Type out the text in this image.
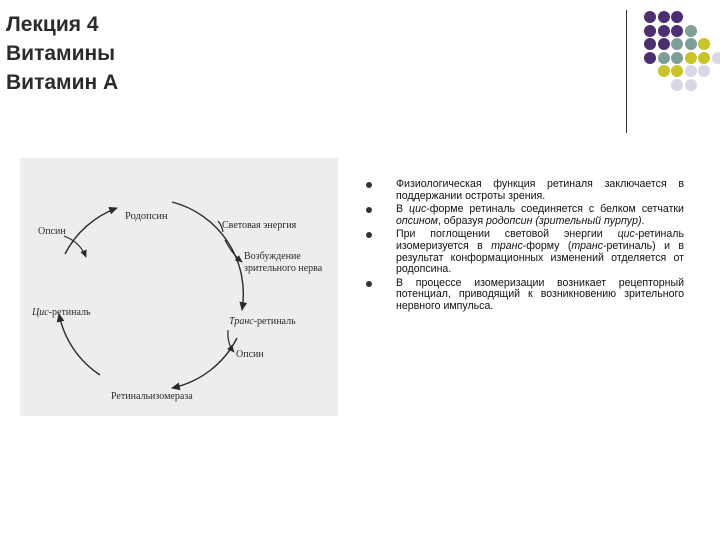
Лекция 4
Витамины
Витамин А
Родопсин
Световая энергия
Возбуждение
зрительного нерва
Транс-ретиналь
Опсин
Ретинальизомераза
Цис-ретиналь
Опсин
Физиологическая функция ретиналя заключается в поддержании остроты зрения.
В цис-форме ретиналь соединяется с белком сетчатки опсином, образуя родопсин (зрительный пурпур).
При поглощении световой энергии цис-ретиналь изомеризуется в транс-форму (транс-ретиналь) и в результат конформационных изменений отделяется от родопсина.
В процессе изомеризации возникает рецепторный потенциал, приводящий к возникновению зрительного нервного импульса.
